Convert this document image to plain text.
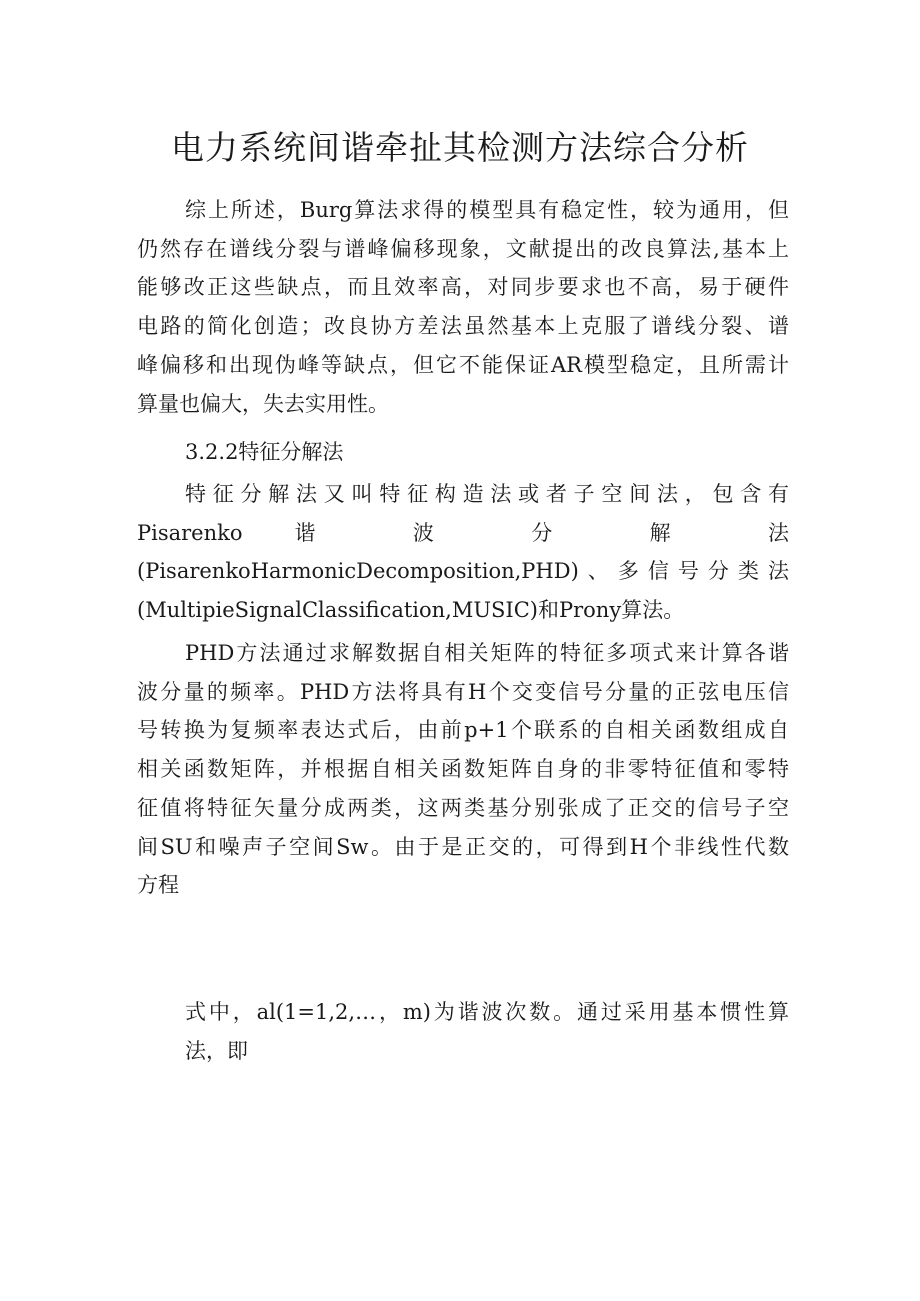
电力系统间谐牵扯其检测方法综合分析
综上所述，Burg算法求得的模型具有稳定性，较为通用，但
仍然存在谱线分裂与谱峰偏移现象，文献提出的改良算法,基本上
能够改正这些缺点，而且效率高，对同步要求也不高，易于硬件
电路的简化创造；改良协方差法虽然基本上克服了谱线分裂、谱
峰偏移和出现伪峰等缺点，但它不能保证AR模型稳定，且所需计
算量也偏大，失去实用性。
3.2.2特征分解法
特征分解法又叫特征构造法或者子空间法，包含有
Pisarenko 谐 波 分 解 法
(PisarenkoHarmonicDecomposition,PHD)、多信号分类法
(MultipieSignalClassification,MUSIC)和Prony算法。
PHD方法通过求解数据自相关矩阵的特征多项式来计算各谐
波分量的频率。PHD方法将具有H个交变信号分量的正弦电压信
号转换为复频率表达式后，由前p+1个联系的自相关函数组成自
相关函数矩阵，并根据自相关函数矩阵自身的非零特征值和零特
征值将特征矢量分成两类，这两类基分别张成了正交的信号子空
间SU和噪声子空间Sw。由于是正交的，可得到H个非线性代数
方程
式中，al(1=1,2,…，m)为谐波次数。通过采用基本惯性算
法，即
